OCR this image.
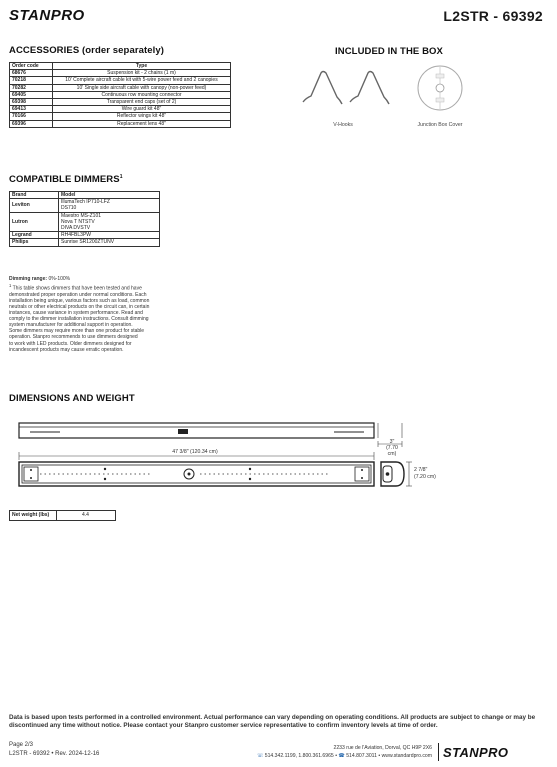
STANPRO	L2STR - 69392
ACCESSORIES (order separately)
Order code	Type
68676	Suspension kit - 2 chains (1 m)
70218	10' Complete aircraft cable kit with 5-wire power feed and 2 canopies
70282	10' Single side aircraft cable with canopy (non-power feed)
69405	Continuous row mounting connector
69398	Transparent end caps (set of 2)
69413	Wire guard kit 48"
70166	Reflector wings kit 48"
69396	Replacement lens 48"
INCLUDED IN THE BOX
V-Hooks	Junction Box Cover
COMPATIBLE DIMMERS$^1$
Brand	Model
Leviton	IllumaTech IP710-LFZ
DS710

Lutron	Maestro MS-Z101
Nova T NTSTV
DIVA DVSTV

Legrand	RH4FBL3PW

Philips	Sunrise SR1200ZTUNV
Dimming range: 0%-100%
$^1$ This table shows dimmers that have been tested and have
demonstrated proper operation under normal conditions. Each
installation being unique, various factors such as load, common
neutrals or other electrical products on the circuit can, in certain
instances, cause variance in system performance. Read and
comply to the dimmer installation instructions. Consult dimming
system manufacturer for additional support in operation.
Some dimmers may require more than one product for stable
operation. Stanpro recommends to use dimmers designed
to work with LED products. Older dimmers designed for
incandescent products may cause erratic operation.
DIMENSIONS AND WEIGHT
3"
(7.70 cm)
47 3/8" (120.34 cm)
2 7/8"
(7.20 cm)
Net weight (lbs)	4.4
Data is based upon tests performed in a controlled environment. Actual performance can vary depending on operating conditions. All products are subject to change or may be discontinued any time without notice. Please contact your Stanpro customer service representative to confirm inventory levels at time of order.
Page 2/3
L2STR - 69392 • Rev. 2024-12-16
2233 rue de l'Aviation, Dorval, QC H9P 2X6
☏ 514.342.1199, 1.800.361.6965 • ☎ 514.807.3011 • www.standardpro.com STANPRO
